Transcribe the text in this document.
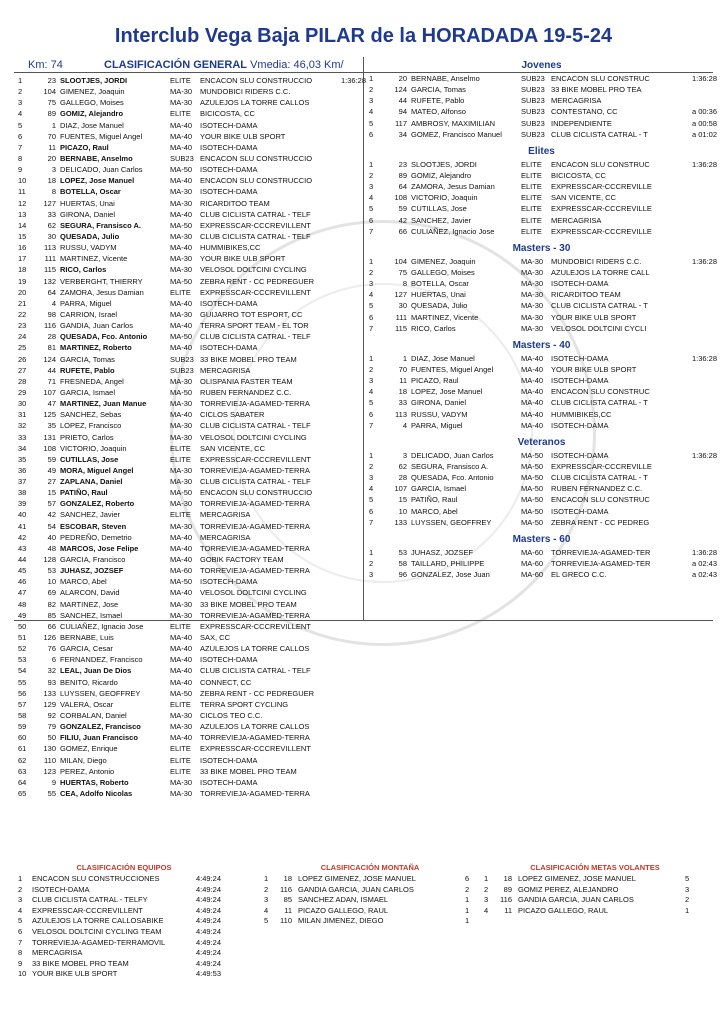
Interclub Vega Baja PILAR de la HORADADA 19-5-24
Km: 74	CLASIFICACIÓN GENERAL Vmedia: 46,03 Km/
1	23 SLOOTJES, JORDI	ELITE	ENCACON SLU CONSTRUCCIO	1:36:28
2	104 GIMENEZ, Joaquin	MA-30	MUNDOBICI RIDERS C.C.
3	75 GALLEGO, Moises	MA-30	AZULEJOS LA TORRE CALLOS
4	89 GOMIZ, Alejandro	ELITE	BICICOSTA, CC
5	1 DIAZ, Jose Manuel	MA-40	ISOTECH-DAMA
6	70 FUENTES, Miguel Angel	MA-40	YOUR BIKE ULB SPORT
7	11 PICAZO, Raul	MA-40	ISOTECH-DAMA
8	20 BERNABE, Anselmo	SUB23 ENCACON SLU CONSTRUCCIO
9	3 DELICADO, Juan Carlos	MA-50	ISOTECH-DAMA
10	18 LOPEZ, Jose Manuel	MA-40	ENCACON SLU CONSTRUCCIO
11	8 BOTELLA, Oscar	MA-30	ISOTECH-DAMA
12	127 HUERTAS, Unai	MA-30	RICARDITOO TEAM
13	33 GIRONA, Daniel	MA-40	CLUB CICLISTA CATRAL - TELF
14	62 SEGURA, Fransisco A.	MA-50	EXPRESSCAR-CCCREVILLENT
15	30 QUESADA, Julio	MA-30	CLUB CICLISTA CATRAL - TELF
16	113 RUSSU, VADYM	MA-40	HUMMIBIKES,CC
17	111 MARTINEZ, Vicente	MA-30	YOUR BIKE ULB SPORT
18	115 RICO, Carlos	MA-30	VELOSOL DOLTCINI CYCLING
19	132 VERBERGHT, THIERRY	MA-50	ZEBRA RENT - CC PEDREGUER
20	64 ZAMORA, Jesus Damian	ELITE	EXPRESSCAR-CCCREVILLENT
21	4 PARRA, Miguel	MA-40	ISOTECH-DAMA
22	98 CARRION, Israel	MA-30	GUIJARRO TOT ESPORT, CC
23	116 GANDIA, Juan Carlos	MA-40	TERRA SPORT TEAM - EL TOR
24	28 QUESADA, Fco. Antonio	MA-50	CLUB CICLISTA CATRAL - TELF
25	81 MARTINEZ, Roberto	MA-40	ISOTECH-DAMA
26	124 GARCIA, Tomas	SUB23 33 BIKE MOBEL PRO TEAM
27	44 RUFETE, Pablo	SUB23 MERCAGRISA
28	71 FRESNEDA, Angel	MA-30	OLISPANIA FASTER TEAM
29	107 GARCIA, Ismael	MA-50	RUBEN FERNANDEZ C.C.
30	47 MARTINEZ, Juan Manue	MA-30	TORREVIEJA-AGAMED-TERRA
31	125 SANCHEZ, Sebas	MA-40	CICLOS SABATER
32	35 LOPEZ, Francisco	MA-30	CLUB CICLISTA CATRAL - TELF
33	131 PRIETO, Carlos	MA-30	VELOSOL DOLTCINI CYCLING
34	108 VICTORIO, Joaquin	ELITE	SAN VICENTE, CC
35	59 CUTILLAS, Jose	ELITE	EXPRESSCAR-CCCREVILLENT
36	49 MORA, Miguel Angel	MA-30	TORREVIEJA-AGAMED-TERRA
37	27 ZAPLANA, Daniel	MA-30	CLUB CICLISTA CATRAL - TELF
38	15 PATIÑO, Raul	MA-50	ENCACON SLU CONSTRUCCIO
39	57 GONZALEZ, Roberto	MA-30	TORREVIEJA-AGAMED-TERRA
40	42 SANCHEZ, Javier	ELITE	MERCAGRISA
41	54 ESCOBAR, Steven	MA-30	TORREVIEJA-AGAMED-TERRA
42	40 PEDREÑO, Demetrio	MA-40	MERCAGRISA
43	48 MARCOS, Jose Felipe	MA-40	TORREVIEJA-AGAMED-TERRA
44	128 GARCIA, Francisco	MA-40	GOBIK FACTORY TEAM
45	53 JUHASZ, JOZSEF	MA-60	TORREVIEJA-AGAMED-TERRA
46	10 MARCO, Abel	MA-50	ISOTECH-DAMA
47	69 ALARCON, David	MA-40	VELOSOL DOLTCINI CYCLING
48	82 MARTINEZ, Jose	MA-30	33 BIKE MOBEL PRO TEAM
49	85 SANCHEZ, Ismael	MA-30	TORREVIEJA-AGAMED-TERRA
50	66 CULIAÑEZ, Ignacio Jose	ELITE	EXPRESSCAR-CCCREVILLENT
51	126 BERNABE, Luis	MA-40	SAX, CC
52	76 GARCIA, Cesar	MA-40	AZULEJOS LA TORRE CALLOS
53	6 FERNANDEZ, Francisco	MA-40	ISOTECH-DAMA
54	32 LEAL, Juan De Dios	MA-40	CLUB CICLISTA CATRAL - TELF
55	93 BENITO, Ricardo	MA-40	CONNECT, CC
56	133 LUYSSEN, GEOFFREY	MA-50	ZEBRA RENT - CC PEDREGUER
57	129 VALERA, Oscar	ELITE	TERRA SPORT CYCLING
58	92 CORBALAN, Daniel	MA-30	CICLOS TEO C.C.
59	79 GONZALEZ, Francisco	MA-30	AZULEJOS LA TORRE CALLOS
60	50 FILIU, Juan Francisco	MA-40	TORREVIEJA-AGAMED-TERRA
61	130 GOMEZ, Enrique	ELITE	EXPRESSCAR-CCCREVILLENT
62	110 MILAN, Diego	ELITE	ISOTECH-DAMA
63	123 PEREZ, Antonio	ELITE	33 BIKE MOBEL PRO TEAM
64	9 HUERTAS, Roberto	MA-30	ISOTECH-DAMA
65	55 CEA, Adolfo Nicolas	MA-30	TORREVIEJA-AGAMED-TERRA
Jovenes
1	20 BERNABE, Anselmo	SUB23 ENCACON SLU CONSTRUC	1:36:28
2	124 GARCIA, Tomas	SUB23 33 BIKE MOBEL PRO TEA
3	44 RUFETE, Pablo	SUB23 MERCAGRISA
4	94 MATEO, Alfonso	SUB23 CONTESTANO, CC	a 00:36
5	117 AMBROSY, MAXIMILIAN	SUB23 INDEPENDIENTE	a 00:58
6	34 GOMEZ, Francisco Manuel	SUB23 CLUB CICLISTA CATRAL - T	a 01:02
Elites
1	23 SLOOTJES, JORDI	ELITE	ENCACON SLU CONSTRUC	1:36:28
2	89 GOMIZ, Alejandro	ELITE	BICICOSTA, CC
3	64 ZAMORA, Jesus Damian	ELITE	EXPRESSCAR-CCCREVILLE
4	108 VICTORIO, Joaquin	ELITE	SAN VICENTE, CC
5	59 CUTILLAS, Jose	ELITE	EXPRESSCAR-CCCREVILLE
6	42 SANCHEZ, Javier	ELITE	MERCAGRISA
7	66 CULIAÑEZ, Ignacio Jose	ELITE	EXPRESSCAR-CCCREVILLE
Masters - 30
1	104 GIMENEZ, Joaquin	MA-30	MUNDOBICI RIDERS C.C.	1:36:28
2	75 GALLEGO, Moises	MA-30	AZULEJOS LA TORRE CALL
3	8 BOTELLA, Oscar	MA-30	ISOTECH-DAMA
4	127 HUERTAS, Unai	MA-30	RICARDITOO TEAM
5	30 QUESADA, Julio	MA-30	CLUB CICLISTA CATRAL - T
6	111 MARTINEZ, Vicente	MA-30	YOUR BIKE ULB SPORT
7	115 RICO, Carlos	MA-30	VELOSOL DOLTCINI CYCLI
Masters - 40
1	1 DIAZ, Jose Manuel	MA-40	ISOTECH-DAMA	1:36:28
2	70 FUENTES, Miguel Angel	MA-40	YOUR BIKE ULB SPORT
3	11 PICAZO, Raul	MA-40	ISOTECH-DAMA
4	18 LOPEZ, Jose Manuel	MA-40	ENCACON SLU CONSTRUC
5	33 GIRONA, Daniel	MA-40	CLUB CICLISTA CATRAL - T
6	113 RUSSU, VADYM	MA-40	HUMMIBIKES,CC
7	4 PARRA, Miguel	MA-40	ISOTECH-DAMA
Veteranos
1	3 DELICADO, Juan Carlos	MA-50	ISOTECH-DAMA	1:36:28
2	62 SEGURA, Fransisco A.	MA-50	EXPRESSCAR-CCCREVILLE
3	28 QUESADA, Fco. Antonio	MA-50	CLUB CICLISTA CATRAL - T
4	107 GARCIA, Ismael	MA-50	RUBEN FERNANDEZ C.C.
5	15 PATIÑO, Raul	MA-50	ENCACON SLU CONSTRUC
6	10 MARCO, Abel	MA-50	ISOTECH-DAMA
7	133 LUYSSEN, GEOFFREY	MA-50	ZEBRA RENT - CC PEDREG
Masters - 60
1	53 JUHASZ, JOZSEF	MA-60	TORREVIEJA-AGAMED-TER	1:36:28
2	58 TAILLARD, PHILIPPE	MA-60	TORREVIEJA-AGAMED-TER	a 02:43
3	96 GONZALEZ, Jose Juan	MA-60	EL GRECO C.C.	a 02:43
CLASIFICACIÓN EQUIPOS
1 ENCACON SLU CONSTRUCCIONES	4:49:24
2 ISOTECH-DAMA	4:49:24
3 CLUB CICLISTA CATRAL - TELFY	4:49:24
4 EXPRESSCAR-CCCREVILLENT	4:49:24
5 AZULEJOS LA TORRE CALLOSABIKE	4:49:24
6 VELOSOL DOLTCINI CYCLING TEAM	4:49:24
7 TORREVIEJA-AGAMED-TERRAMOVIL	4:49:24
8 MERCAGRISA	4:49:24
9 33 BIKE MOBEL PRO TEAM	4:49:24
10 YOUR BIKE ULB SPORT	4:49:53
CLASIFICACIÓN MONTAÑA
1	18 LOPEZ GIMENEZ, JOSE MANUEL	6
2	116 GANDIA GARCIA, JUAN CARLOS	2
3	85 SANCHEZ ADAN, ISMAEL	1
4	11 PICAZO GALLEGO, RAUL	1
5	110 MILAN JIMENEZ, DIEGO	1
CLASIFICACIÓN METAS VOLANTES
1	18 LOPEZ GIMENEZ, JOSE MANUEL	5
2	89 GOMIZ PEREZ, ALEJANDRO	3
3	116 GANDIA GARCIA, JUAN CARLOS	2
4	11 PICAZO GALLEGO, RAUL	1
